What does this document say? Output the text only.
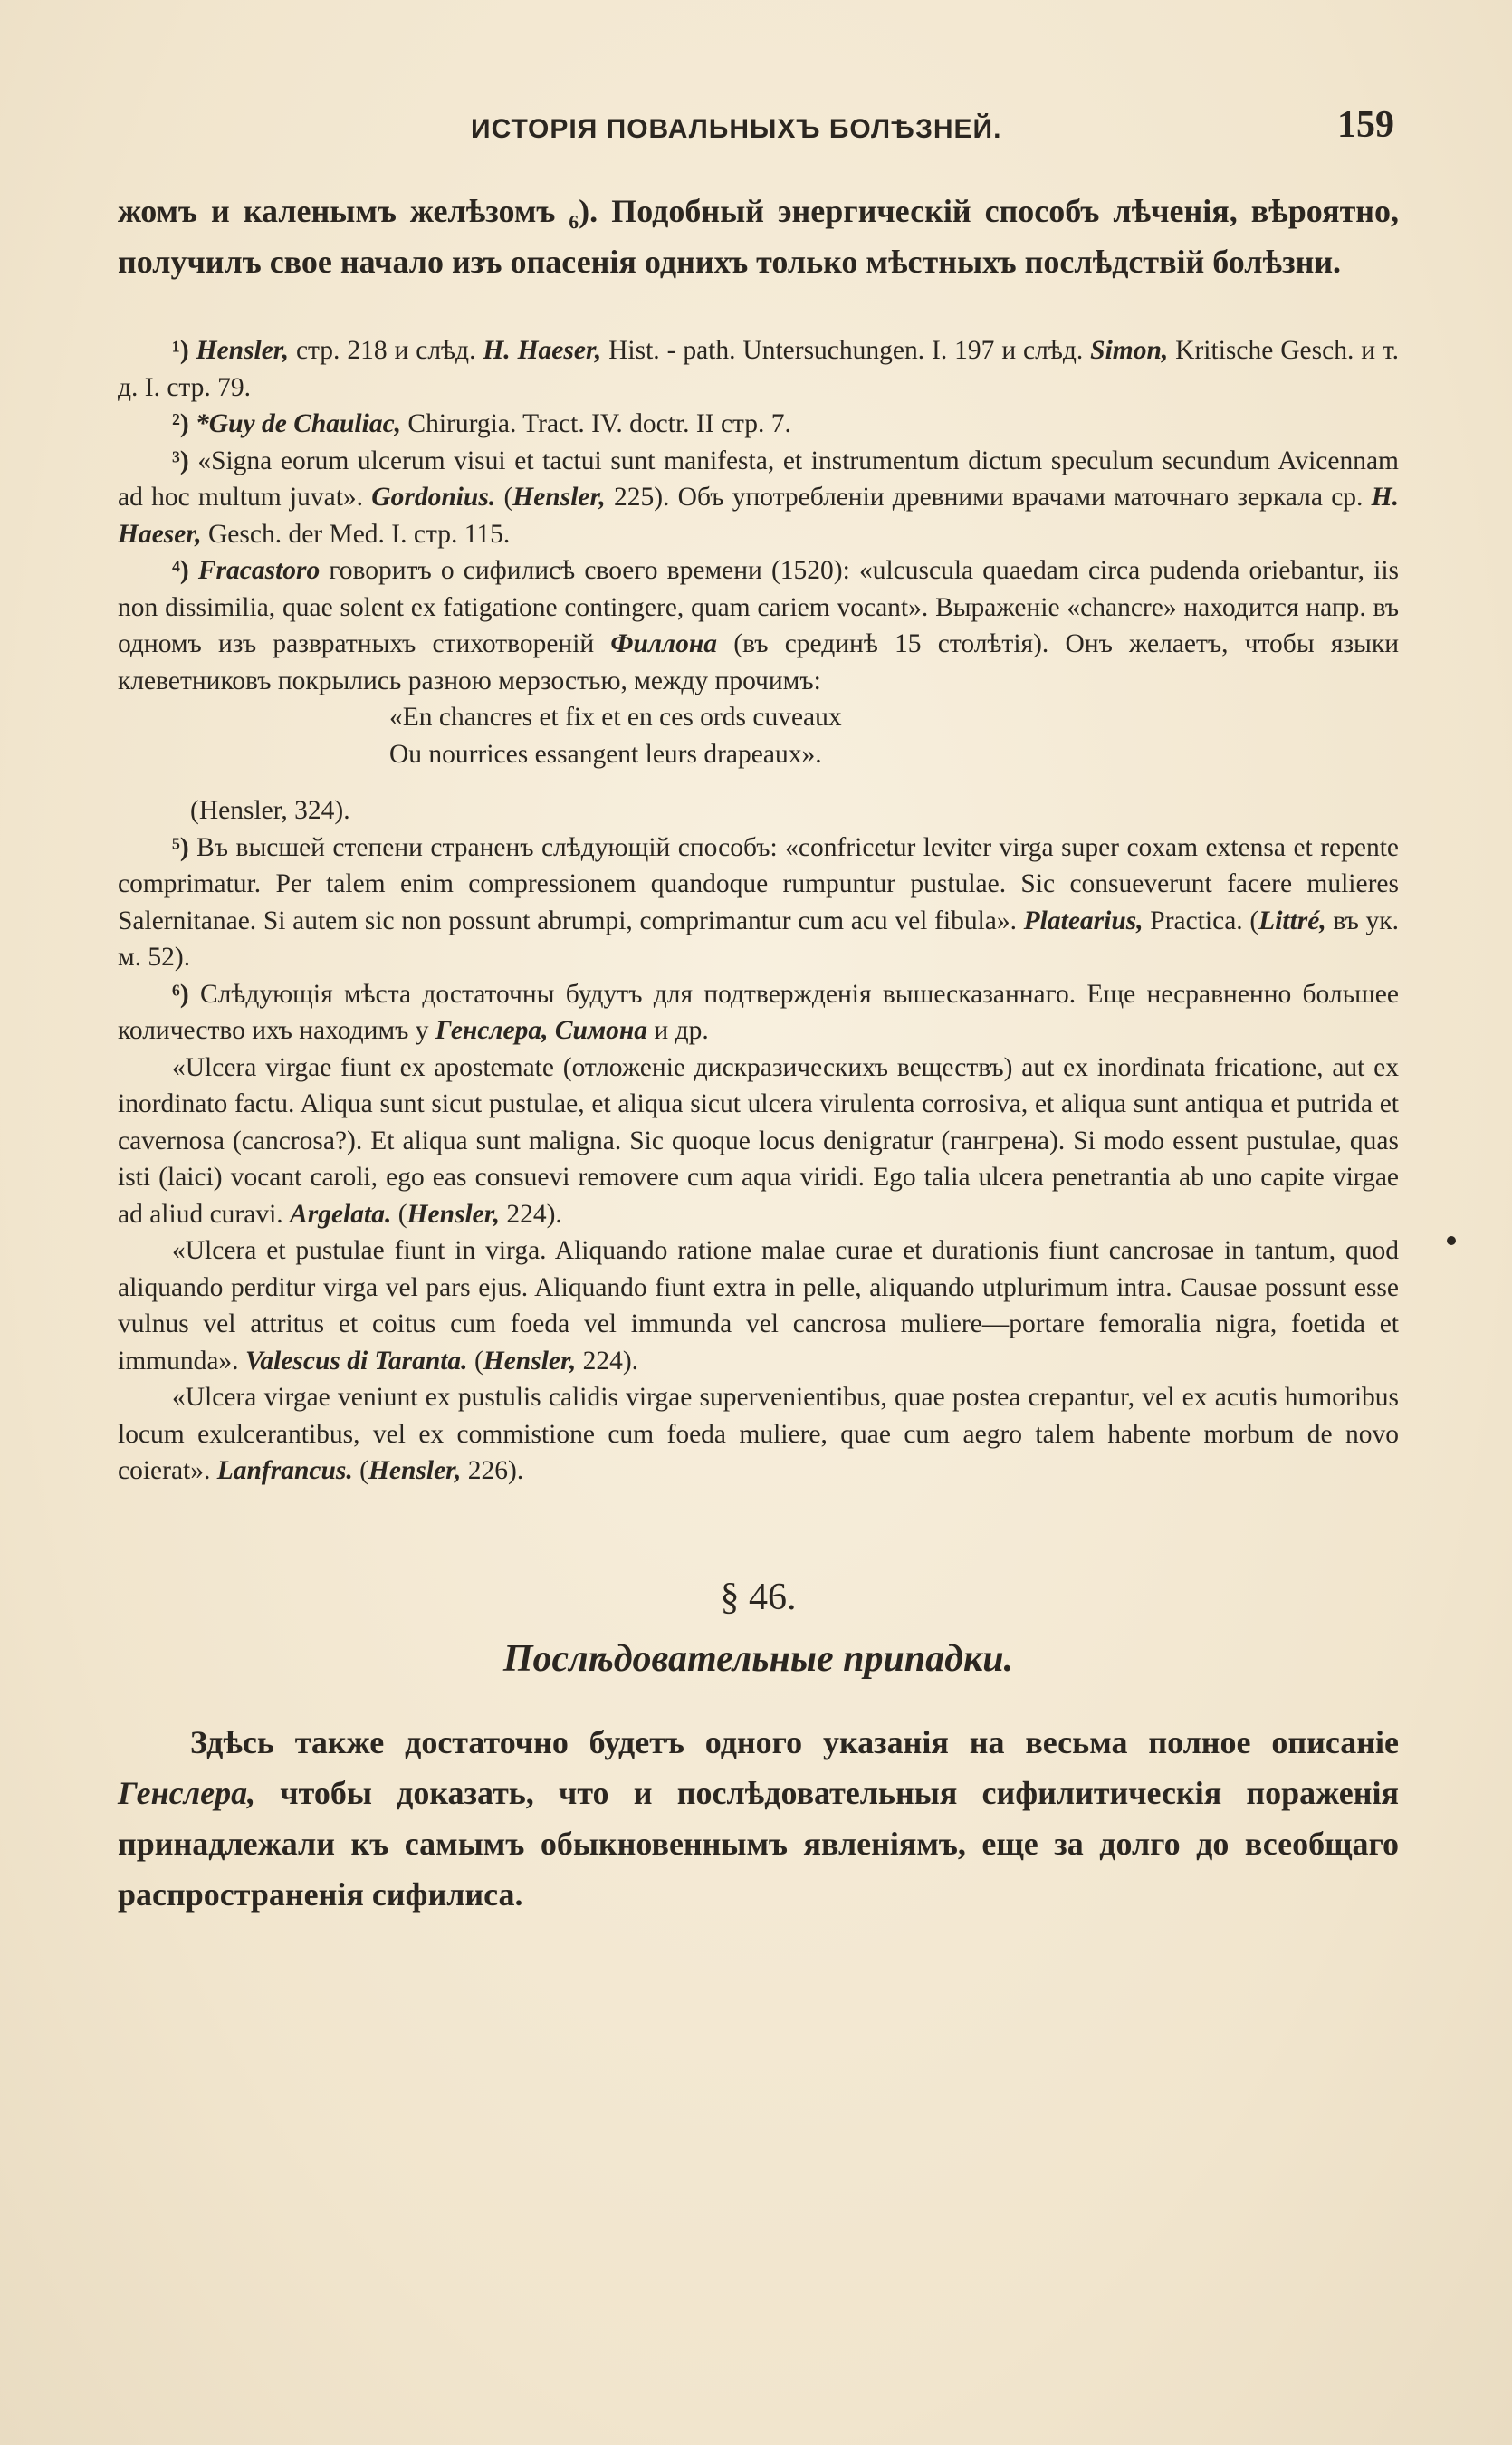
ИСТОРІЯ ПОВАЛЬНЫХЪ БОЛѢЗНЕЙ.	159

жомъ и каленымъ желѣзомъ ₆). Подобный энергическій способъ лѣченія, вѣроятно, получилъ свое начало изъ опасенія однихъ только мѣстныхъ послѣдствій болѣзни.

¹) Hensler, стр. 218 и слѣд. H. Haeser, Hist. - path. Untersuchungen. I. 197 и слѣд. Simon, Kritische Gesch. и т. д. I. стр. 79.

²) *Guy de Chauliac, Chirurgia. Tract. IV. doctr. II стр. 7.

³) «Signa eorum ulcerum visui et tactui sunt manifesta, et instrumentum dictum speculum secundum Avicennam ad hoc multum juvat». Gordonius. (Hensler, 225). Объ употребленіи древними врачами маточнаго зеркала ср. H. Haeser, Gesch. der Med. I. стр. 115.

⁴) Fracastoro говоритъ о сифилисѣ своего времени (1520): «ulcuscula quaedam circa pudenda oriebantur, iis non dissimilia, quae solent ex fatigatione contingere, quam cariem vocant». Выраженіе «chancre» находится напр. въ одномъ изъ развратныхъ стихотвореній Филлона (въ срединѣ 15 столѣтія). Онъ желаетъ, чтобы языки клеветниковъ покрылись разною мерзостью, между прочимъ:

«En chancres et fix et en ces ords cuveaux

Ou nourrices essangent leurs drapeaux».

(Hensler, 324).

⁵) Въ высшей степени страненъ слѣдующій способъ: «confricetur leviter virga super coxam extensa et repente comprimatur. Per talem enim compressionem quandoque rumpuntur pustulae. Sic consueverunt facere mulieres Salernitanae. Si autem sic non possunt abrumpi, comprimantur cum acu vel fibula». Platearius, Practica. (Littré, въ ук. м. 52).

⁶) Слѣдующія мѣста достаточны будутъ для подтвержденія вышесказаннаго. Еще несравненно большее количество ихъ находимъ у Генслера, Симона и др.

«Ulcera virgae fiunt ex apostemate (отложеніе дискразическихъ веществъ) aut ex inordinata fricatione, aut ex inordinato factu. Aliqua sunt sicut pustulae, et aliqua sicut ulcera virulenta corrosiva, et aliqua sunt antiqua et putrida et cavernosa (cancrosa?). Et aliqua sunt maligna. Sic quoque locus denigratur (гангрена). Si modo essent pustulae, quas isti (laici) vocant caroli, ego eas consuevi removere cum aqua viridi. Ego talia ulcera penetrantia ab uno capite virgae ad aliud curavi. Argelata. (Hensler, 224).

«Ulcera et pustulae fiunt in virga. Aliquando ratione malae curae et durationis fiunt cancrosae in tantum, quod aliquando perditur virga vel pars ejus. Aliquando fiunt extra in pelle, aliquando utplurimum intra. Causae possunt esse vulnus vel attritus et coitus cum foeda vel immunda vel cancrosa muliere—portare femoralia nigra, foetida et immunda». Valescus di Taranta. (Hensler, 224).

«Ulcera virgae veniunt ex pustulis calidis virgae supervenientibus, quae postea crepantur, vel ex acutis humoribus locum exulcerantibus, vel ex commistione cum foeda muliere, quae cum aegro talem habente morbum de novo coierat». Lanfrancus. (Hensler, 226).

§ 46.
Послѣдовательные припадки.

Здѣсь также достаточно будетъ одного указанія на весьма полное описаніе Генслера, чтобы доказать, что и послѣдовательныя сифилитическія пораженія принадлежали къ самымъ обыкновеннымъ явленіямъ, еще за долго до всеобщаго распространенія сифилиса.
